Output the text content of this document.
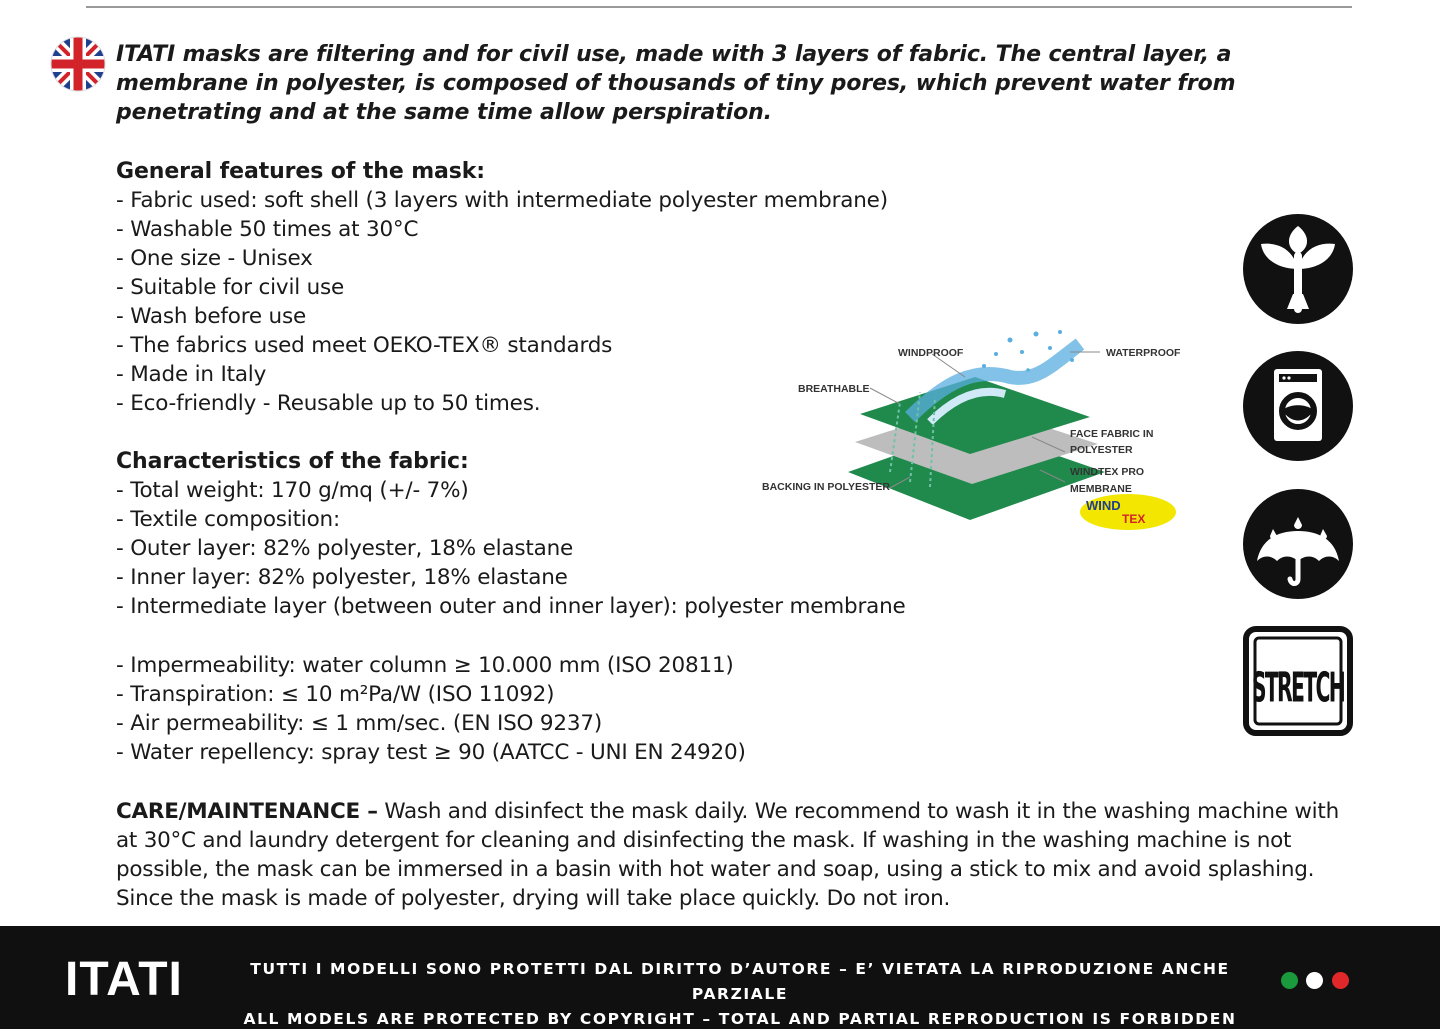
ITATI masks are filtering and for civil use, made with 3 layers of fabric. The central layer, a membrane in polyester, is composed of thousands of tiny pores, which prevent water from penetrating and at the same time allow perspiration.

General features of the mask:
- Fabric used: soft shell (3 layers with intermediate polyester membrane)
- Washable 50 times at 30°C
- One size - Unisex
- Suitable for civil use
- Wash before use
- The fabrics used meet OEKO-TEX® standards
- Made in Italy
- Eco-friendly - Reusable up to 50 times.
Characteristics of the fabric:
- Total weight: 170 g/mq (+/- 7%)
- Textile composition:
- Outer layer: 82% polyester, 18% elastane
- Inner layer: 82% polyester, 18% elastane
- Intermediate layer (between outer and inner layer): polyester membrane
- Impermeability: water column ≥ 10.000 mm (ISO 20811)
- Transpiration: ≤ 10 m²Pa/W (ISO 11092)
- Air permeability: ≤ 1 mm/sec. (EN ISO 9237)
- Water repellency: spray test ≥ 90 (AATCC - UNI EN 24920)

CARE/MAINTENANCE – Wash and disinfect the mask daily. We recommend to wash it in the washing machine with at 30°C and laundry detergent for cleaning and disinfecting the mask. If washing in the washing machine is not possible, the mask can be immersed in a basin with hot water and soap, using a stick to mix and avoid splashing. Since the mask is made of polyester, drying will take place quickly. Do not iron.

WINDPROOF	WATERPROOF
BREATHABLE
FACE FABRIC IN
POLYESTER
WINDTEX PRO
MEMBRANE
BACKING IN POLYESTER
WIND
TEX
STRETCH
ITATI	TUTTI I MODELLI SONO PROTETTI DAL DIRITTO D’AUTORE – E’ VIETATA LA RIPRODUZIONE ANCHE PARZIALE
ALL MODELS ARE PROTECTED BY COPYRIGHT – TOTAL AND PARTIAL REPRODUCTION IS FORBIDDEN
